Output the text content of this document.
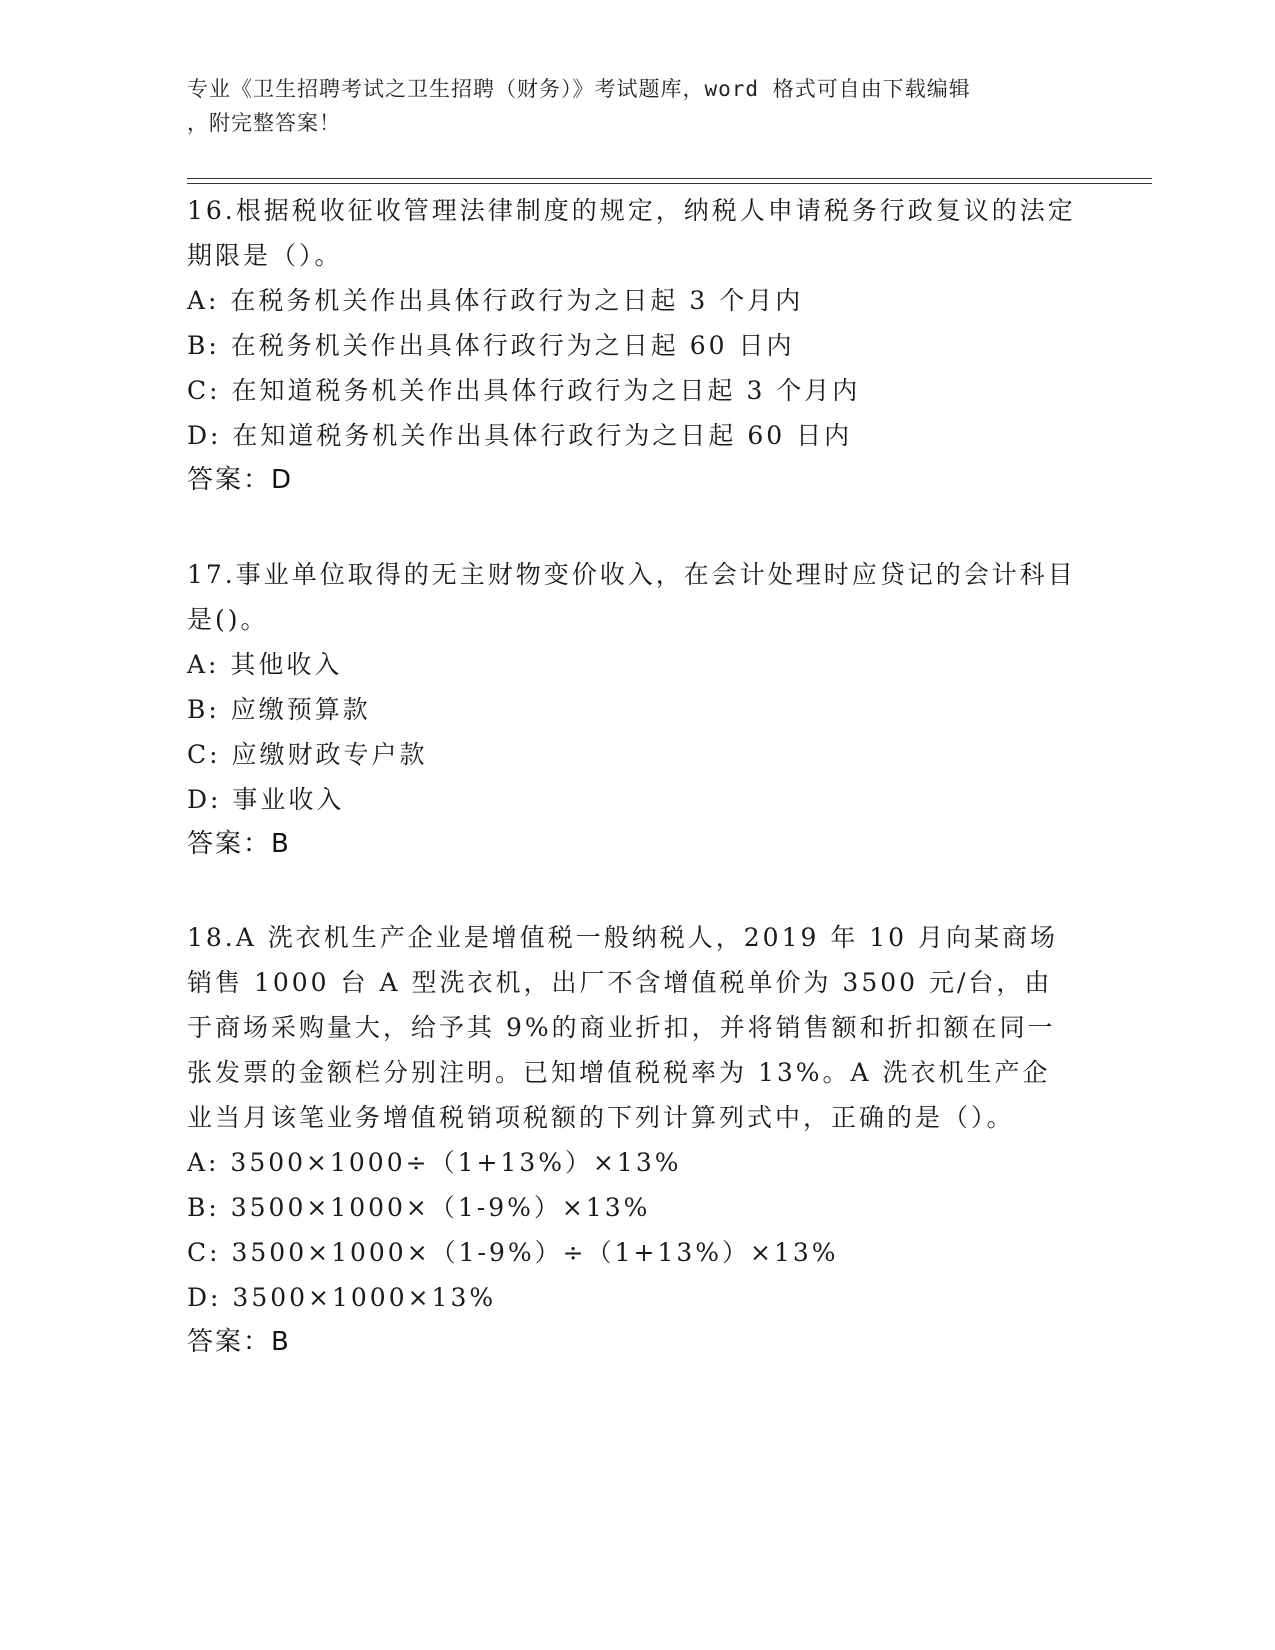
专业《卫生招聘考试之卫生招聘（财务）》考试题库，word 格式可自由下载编辑
，附完整答案！

16.根据税收征收管理法律制度的规定，纳税人申请税务行政复议的法定期限是（）。

A: 在税务机关作出具体行政行为之日起 3 个月内

B: 在税务机关作出具体行政行为之日起 60 日内

C: 在知道税务机关作出具体行政行为之日起 3 个月内

D: 在知道税务机关作出具体行政行为之日起 60 日内

答案：D

17.事业单位取得的无主财物变价收入，在会计处理时应贷记的会计科目是()。

A: 其他收入

B: 应缴预算款

C: 应缴财政专户款

D: 事业收入

答案：B

18.A 洗衣机生产企业是增值税一般纳税人，2019 年 10 月向某商场销售 1000 台 A 型洗衣机，出厂不含增值税单价为 3500 元/台，由于商场采购量大，给予其 9%的商业折扣，并将销售额和折扣额在同一张发票的金额栏分别注明。已知增值税税率为 13%。A 洗衣机生产企业当月该笔业务增值税销项税额的下列计算列式中，正确的是（）。

A: 3500×1000÷（1+13%）×13%

B: 3500×1000×（1-9%）×13%

C: 3500×1000×（1-9%）÷（1+13%）×13%

D: 3500×1000×13%

答案：B
